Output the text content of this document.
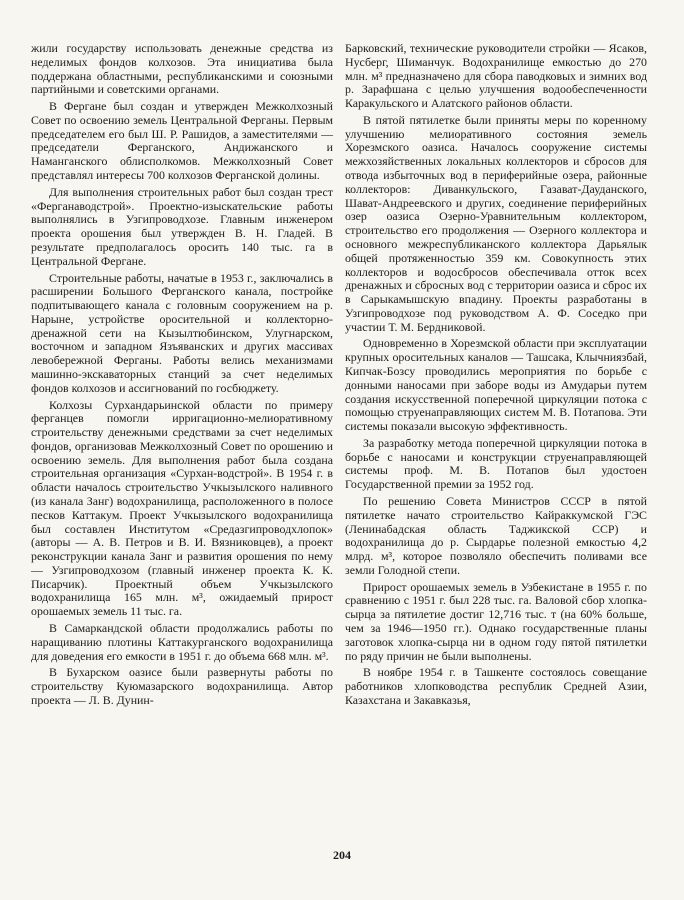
жили государству использовать денежные средства из неделимых фондов колхозов. Эта инициатива была поддержана областными, республиканскими и союзными партийными и советскими органами.

В Фергане был создан и утвержден Межколхозный Совет по освоению земель Центральной Ферганы. Первым председателем его был Ш. Р. Рашидов, а заместителями — председатели Ферганского, Андижанского и Наманганского облисполкомов. Межколхозный Совет представлял интересы 700 колхозов Ферганской долины.

Для выполнения строительных работ был создан трест «Ферганаводстрой». Проектно-изыскательские работы выполнялись в Узгипроводхозе. Главным инженером проекта орошения был утвержден В. Н. Гладей. В результате предполагалось оросить 140 тыс. га в Центральной Фергане.

Строительные работы, начатые в 1953 г., заключались в расширении Большого Ферганского канала, постройке подпитывающего канала с головным сооружением на р. Нарыне, устройстве оросительной и коллекторно-дренажной сети на Кызылтюбинском, Улугнарском, восточном и западном Язъяванских и других массивах левобережной Ферганы. Работы велись механизмами машинно-экскаваторных станций за счет неделимых фондов колхозов и ассигнований по госбюджету.

Колхозы Сурхандарьинской области по примеру ферганцев помогли ирригационно-мелиоративному строительству денежными средствами за счет неделимых фондов, организовав Межколхозный Совет по орошению и освоению земель. Для выполнения работ была создана строительная организация «Сурхан-водстрой». В 1954 г. в области началось строительство Учкызылского наливного (из канала Занг) водохранилища, расположенного в полосе песков Каттакум. Проект Учкызылского водохранилища был составлен Институтом «Средазгипроводхлопок» (авторы — А. В. Петров и В. И. Вязниковцев), а проект реконструкции канала Занг и развития орошения по нему — Узгипроводхозом (главный инженер проекта К. К. Писарчик). Проектный объем Учкызылского водохранилища 165 млн. м³, ожидаемый прирост орошаемых земель 11 тыс. га.

В Самаркандской области продолжались работы по наращиванию плотины Каттакурганского водохранилища для доведения его емкости в 1951 г. до объема 668 млн. м³.

В Бухарском оазисе были развернуты работы по строительству Куюмазарского водохранилища. Автор проекта — Л. В. Дунин-

Барковский, технические руководители стройки — Ясаков, Нусберг, Шиманчук. Водохранилище емкостью до 270 млн. м³ предназначено для сбора паводковых и зимних вод р. Зарафшана с целью улучшения водообеспеченности Каракульского и Алатского районов области.

В пятой пятилетке были приняты меры по коренному улучшению мелиоративного состояния земель Хорезмского оазиса. Началось сооружение системы межхозяйственных локальных коллекторов и сбросов для отвода избыточных вод в периферийные озера, районные коллекторов: Диванкульского, Газават-Дауданского, Шават-Андреевского и других, соединение периферийных озер оазиса Озерно-Уравнительным коллектором, строительство его продолжения — Озерного коллектора и основного межреспубликанского коллектора Дарьялык общей протяженностью 359 км. Совокупность этих коллекторов и водосбросов обеспечивала отток всех дренажных и сбросных вод с территории оазиса и сброс их в Сарыкамышскую впадину. Проекты разработаны в Узгипроводхозе под руководством А. Ф. Соседко при участии Т. М. Бердниковой.

Одновременно в Хорезмской области при эксплуатации крупных оросительных каналов — Ташсака, Клычниязбай, Кипчак-Бозсу проводились мероприятия по борьбе с донными наносами при заборе воды из Амударьи путем создания искусственной поперечной циркуляции потока с помощью струенаправляющих систем М. В. Потапова. Эти системы показали высокую эффективность.

За разработку метода поперечной циркуляции потока в борьбе с наносами и конструкции струенаправляющей системы проф. М. В. Потапов был удостоен Государственной премии за 1952 год.

По решению Совета Министров СССР в пятой пятилетке начато строительство Кайраккумской ГЭС (Ленинабадская область Таджикской ССР) и водохранилища до р. Сырдарье полезной емкостью 4,2 млрд. м³, которое позволяло обеспечить поливами все земли Голодной степи.

Прирост орошаемых земель в Узбекистане в 1955 г. по сравнению с 1951 г. был 228 тыс. га. Валовой сбор хлопка-сырца за пятилетие достиг 12,716 тыс. т (на 60% больше, чем за 1946—1950 гг.). Однако государственные планы заготовок хлопка-сырца ни в одном году пятой пятилетки по ряду причин не были выполнены.

В ноябре 1954 г. в Ташкенте состоялось совещание работников хлопководства республик Средней Азии, Казахстана и Закавказья,

204
